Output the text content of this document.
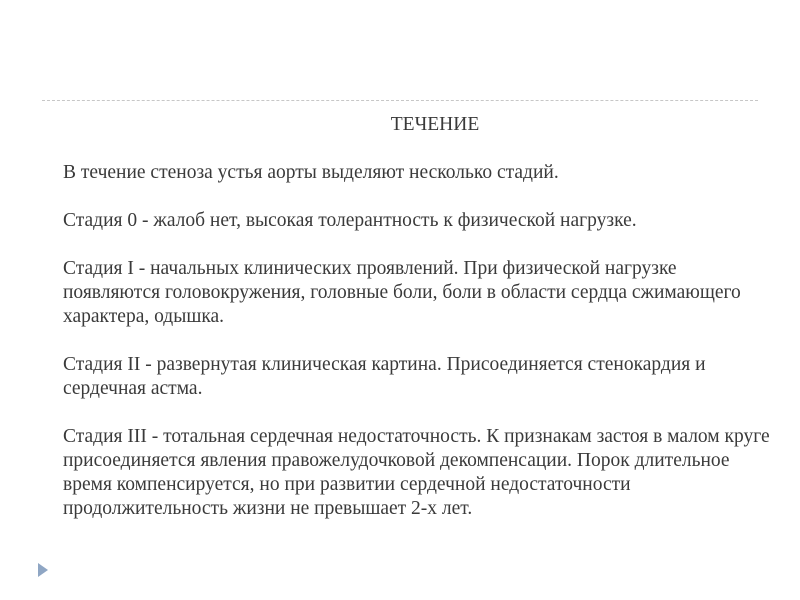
ТЕЧЕНИЕ

В течение стеноза устья аорты выделяют несколько стадий.

Стадия 0 - жалоб нет, высокая толерантность к физической нагрузке.

Стадия I - начальных клинических проявлений. При физической нагрузке появляются головокружения, головные боли, боли в области сердца сжимающего характера, одышка.

Стадия II - развернутая клиническая картина. Присоединяется стенокардия и сердечная астма.

Стадия III - тотальная сердечная недостаточность. К признакам застоя в малом круге присоединяется явления правожелудочковой декомпенсации. Порок длительное время компенсируется, но при развитии сердечной недостаточности продолжительность жизни не превышает 2-х лет.
